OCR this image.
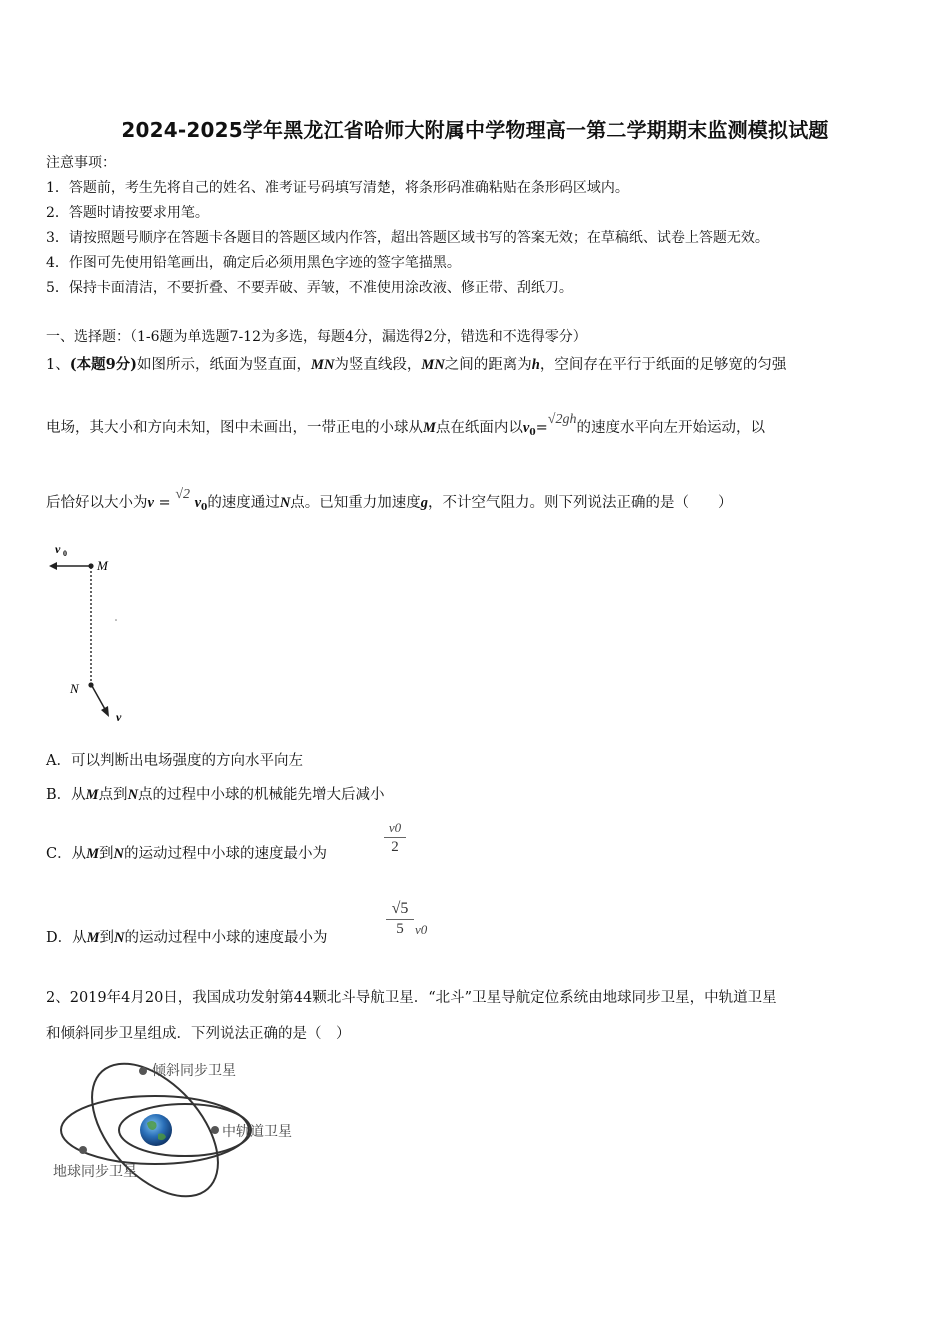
2024-2025学年黑龙江省哈师大附属中学物理高一第二学期期末监测模拟试题
注意事项：
1．答题前，考生先将自己的姓名、准考证号码填写清楚，将条形码准确粘贴在条形码区域内。
2．答题时请按要求用笔。
3．请按照题号顺序在答题卡各题目的答题区域内作答，超出答题区域书写的答案无效；在草稿纸、试卷上答题无效。
4．作图可先使用铅笔画出，确定后必须用黑色字迹的签字笔描黑。
5．保持卡面清洁，不要折叠、不要弄破、弄皱，不准使用涂改液、修正带、刮纸刀。
一、选择题：（1-6题为单选题7-12为多选，每题4分，漏选得2分，错选和不选得零分）
1、(本题9分)如图所示，纸面为竖直面，MN为竖直线段，MN之间的距离为h，空间存在平行于纸面的足够宽的匀强
电场，其大小和方向未知，图中未画出，一带正电的小球从M点在纸面内以$v_0=√2gh$的速度水平向左开始运动，以
后恰好以大小为v = √2 $v_0$的速度通过N点。已知重力加速度g，不计空气阻力。则下列说法正确的是（　　）
v 0
M
N
v
A．可以判断出电场强度的方向水平向左
B．从M点到N点的过程中小球的机械能先增大后减小
C．从M到N的运动过程中小球的速度最小为
v0
2
D．从M到N的运动过程中小球的速度最小为
√5
5 v0
2、2019年4月20日，我国成功发射第44颗北斗导航卫星．“北斗”卫星导航定位系统由地球同步卫星，中轨道卫星
和倾斜同步卫星组成．下列说法正确的是（　）
倾斜同步卫星
中轨道卫星
地球同步卫星
